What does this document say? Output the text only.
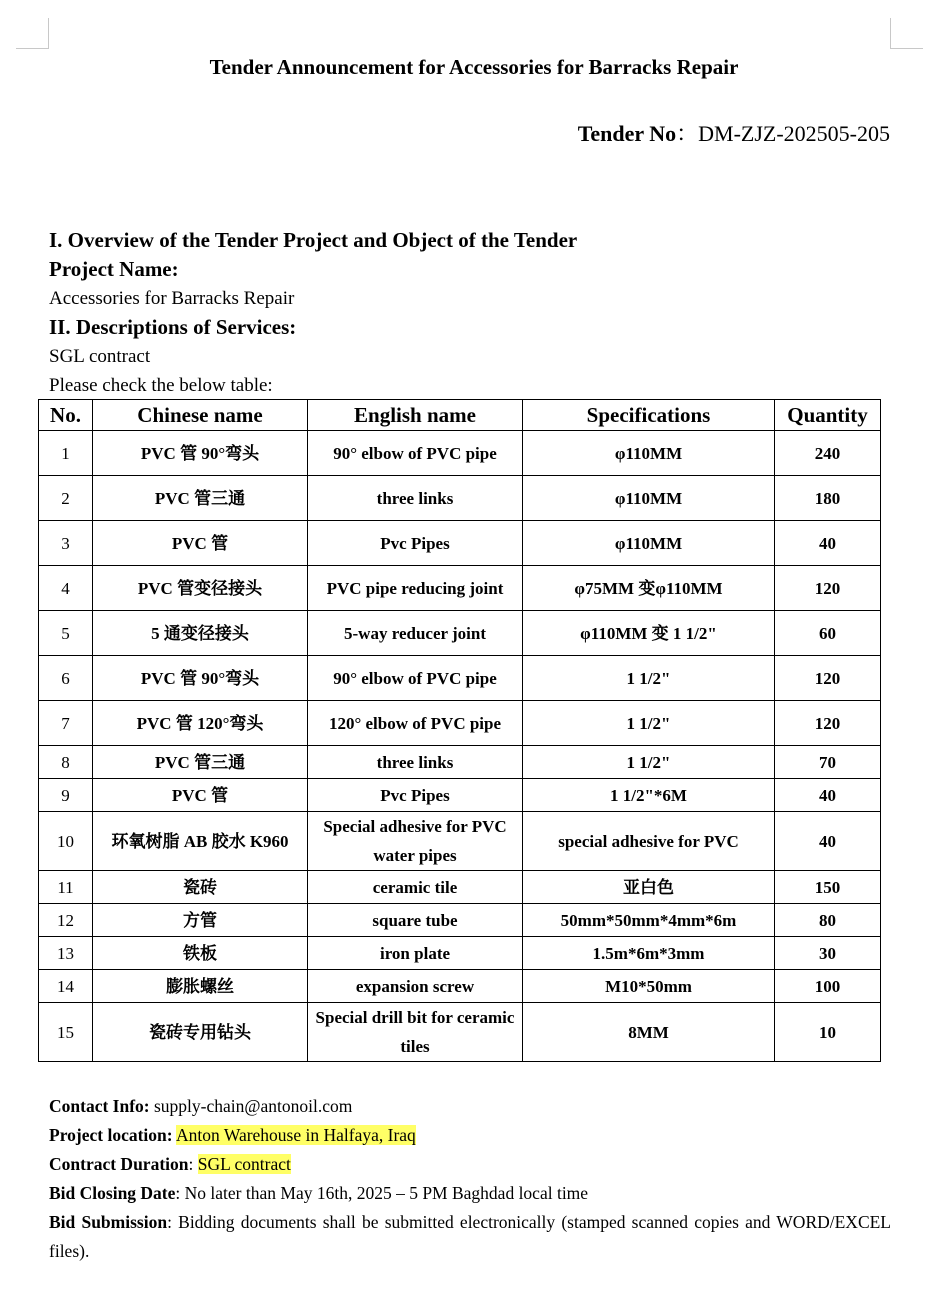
Tender Announcement for Accessories for Barracks Repair
Tender No：DM-ZJZ-202505-205
I. Overview of the Tender Project and Object of the Tender
Project Name:
Accessories for Barracks Repair
II. Descriptions of Services:
SGL contract
Please check the below table:
No.	Chinese name	English name	Specifications	Quantity
1	PVC 管 90°弯头	90° elbow of PVC pipe	φ110MM	240
2	PVC 管三通	three links	φ110MM	180
3	PVC 管	Pvc Pipes	φ110MM	40
4	PVC 管变径接头	PVC pipe reducing joint	φ75MM 变φ110MM	120
5	5 通变径接头	5-way reducer joint	φ110MM 变 1 1/2"	60
6	PVC 管 90°弯头	90° elbow of PVC pipe	1 1/2"	120
7	PVC 管 120°弯头	120° elbow of PVC pipe	1 1/2"	120
8	PVC 管三通	three links	1 1/2"	70
9	PVC 管	Pvc Pipes	1 1/2"*6M	40
10	环氧树脂 AB 胶水 K960	Special adhesive for PVC water pipes	special adhesive for PVC	40
11	瓷砖	ceramic tile	亚白色	150
12	方管	square tube	50mm*50mm*4mm*6m	80
13	铁板	iron plate	1.5m*6m*3mm	30
14	膨胀螺丝	expansion screw	M10*50mm	100
15	瓷砖专用钻头	Special drill bit for ceramic tiles	8MM	10

Contact Info: supply-chain@antonoil.com

Project location: Anton Warehouse in Halfaya, Iraq

Contract Duration: SGL contract

Bid Closing Date: No later than May 16th, 2025 – 5 PM Baghdad local time

Bid Submission: Bidding documents shall be submitted electronically (stamped scanned copies and WORD/EXCEL files).
